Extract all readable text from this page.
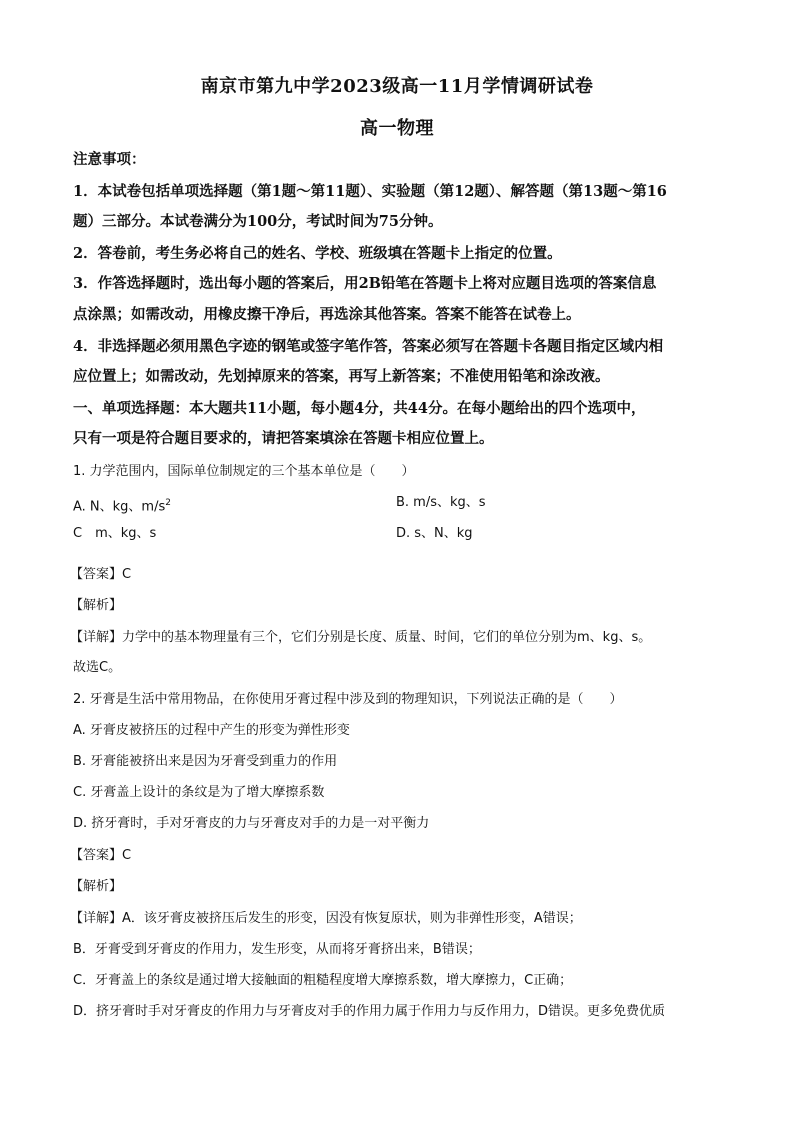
南京市第九中学2023级高一11月学情调研试卷
高一物理
注意事项：
1．本试卷包括单项选择题（第1题～第11题）、实验题（第12题）、解答题（第13题～第16
题）三部分。本试卷满分为100分，考试时间为75分钟。
2．答卷前，考生务必将自己的姓名、学校、班级填在答题卡上指定的位置。
3．作答选择题时，选出每小题的答案后，用2B铅笔在答题卡上将对应题目选项的答案信息
点涂黑；如需改动，用橡皮擦干净后，再选涂其他答案。答案不能答在试卷上。
4．非选择题必须用黑色字迹的钢笔或签字笔作答，答案必须写在答题卡各题目指定区域内相
应位置上；如需改动，先划掉原来的答案，再写上新答案；不准使用铅笔和涂改液。
一、单项选择题：本大题共11小题，每小题4分，共44分。在每小题给出的四个选项中，
只有一项是符合题目要求的，请把答案填涂在答题卡相应位置上。
1. 力学范围内，国际单位制规定的三个基本单位是（　　）
A. N、kg、$m/s^2$	B. m/s、kg、s
C　m、kg、s	D. s、N、kg
【答案】C
【解析】
【详解】力学中的基本物理量有三个，它们分别是长度、质量、时间，它们的单位分别为m、kg、s。
故选C。
2. 牙膏是生活中常用物品，在你使用牙膏过程中涉及到的物理知识，下列说法正确的是（　　）
A. 牙膏皮被挤压的过程中产生的形变为弹性形变
B. 牙膏能被挤出来是因为牙膏受到重力的作用
C. 牙膏盖上设计的条纹是为了增大摩擦系数
D. 挤牙膏时，手对牙膏皮的力与牙膏皮对手的力是一对平衡力
【答案】C
【解析】
【详解】A．该牙膏皮被挤压后发生的形变，因没有恢复原状，则为非弹性形变，A错误；
B．牙膏受到牙膏皮的作用力，发生形变，从而将牙膏挤出来，B错误；
C．牙膏盖上的条纹是通过增大接触面的粗糙程度增大摩擦系数，增大摩擦力，C正确；
D．挤牙膏时手对牙膏皮的作用力与牙膏皮对手的作用力属于作用力与反作用力，D错误。更多免费优质
